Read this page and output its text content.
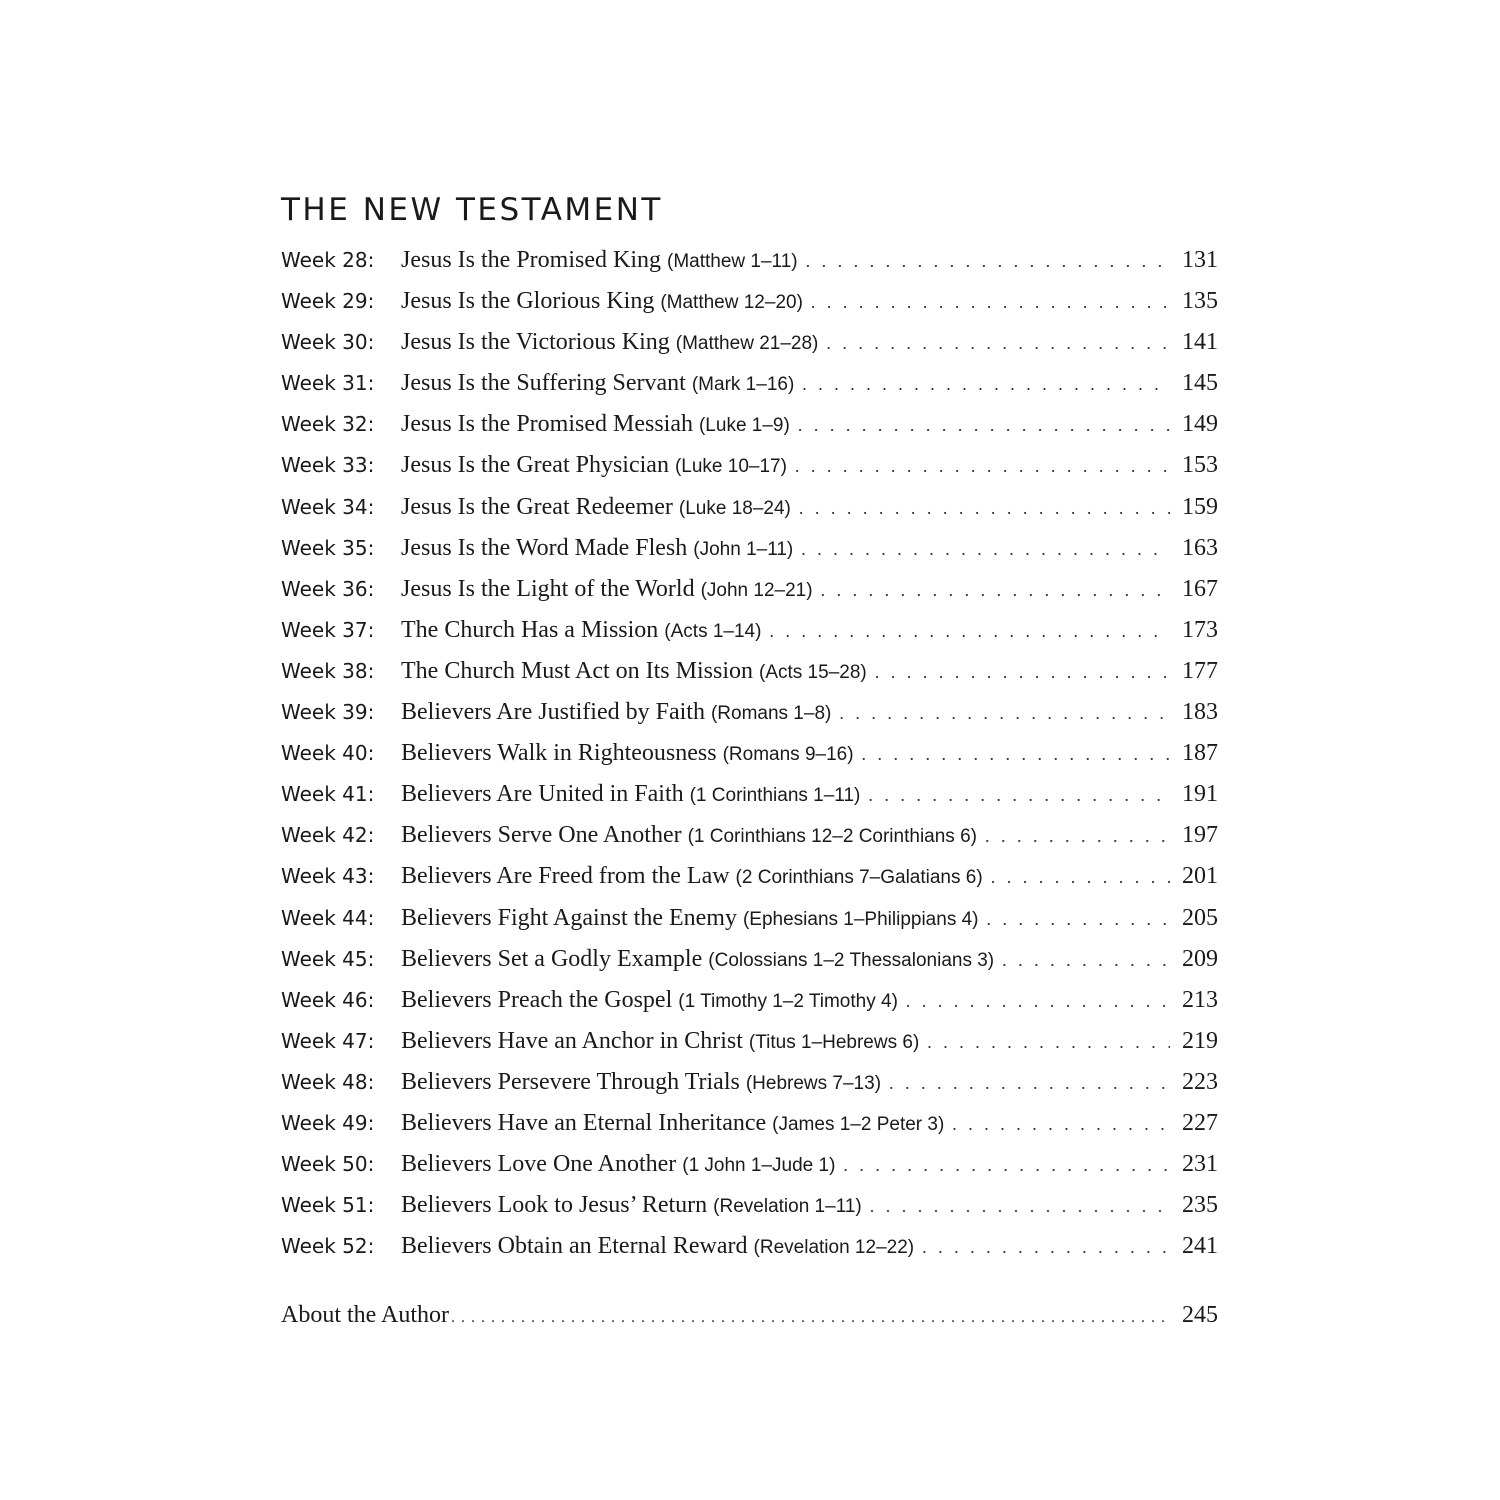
THE NEW TESTAMENT
Week 28:	Jesus Is the Promised King (Matthew 1–11) . . .	131
Week 29:	Jesus Is the Glorious King (Matthew 12–20) . . .	135
Week 30:	Jesus Is the Victorious King (Matthew 21–28) . . .	141
Week 31:	Jesus Is the Suffering Servant (Mark 1–16) . . .	145
Week 32:	Jesus Is the Promised Messiah (Luke 1–9) . . .	149
Week 33:	Jesus Is the Great Physician (Luke 10–17) . . .	153
Week 34:	Jesus Is the Great Redeemer (Luke 18–24) . . .	159
Week 35:	Jesus Is the Word Made Flesh (John 1–11) . . .	163
Week 36:	Jesus Is the Light of the World (John 12–21) . . .	167
Week 37:	The Church Has a Mission (Acts 1–14) . . .	173
Week 38:	The Church Must Act on Its Mission (Acts 15–28) . . .	177
Week 39:	Believers Are Justified by Faith (Romans 1–8) . . .	183
Week 40:	Believers Walk in Righteousness (Romans 9–16) . . .	187
Week 41:	Believers Are United in Faith (1 Corinthians 1–11) . . .	191
Week 42:	Believers Serve One Another (1 Corinthians 12–2 Corinthians 6) . . .	197
Week 43:	Believers Are Freed from the Law (2 Corinthians 7–Galatians 6) . . .	201
Week 44:	Believers Fight Against the Enemy (Ephesians 1–Philippians 4) . . .	205
Week 45:	Believers Set a Godly Example (Colossians 1–2 Thessalonians 3) . . .	209
Week 46:	Believers Preach the Gospel (1 Timothy 1–2 Timothy 4) . . .	213
Week 47:	Believers Have an Anchor in Christ (Titus 1–Hebrews 6) . . .	219
Week 48:	Believers Persevere Through Trials (Hebrews 7–13) . . .	223
Week 49:	Believers Have an Eternal Inheritance (James 1–2 Peter 3) . . .	227
Week 50:	Believers Love One Another (1 John 1–Jude 1) . . .	231
Week 51:	Believers Look to Jesus’ Return (Revelation 1–11) . . .	235
Week 52:	Believers Obtain an Eternal Reward (Revelation 12–22) . . .	241
About the Author . . .	245
